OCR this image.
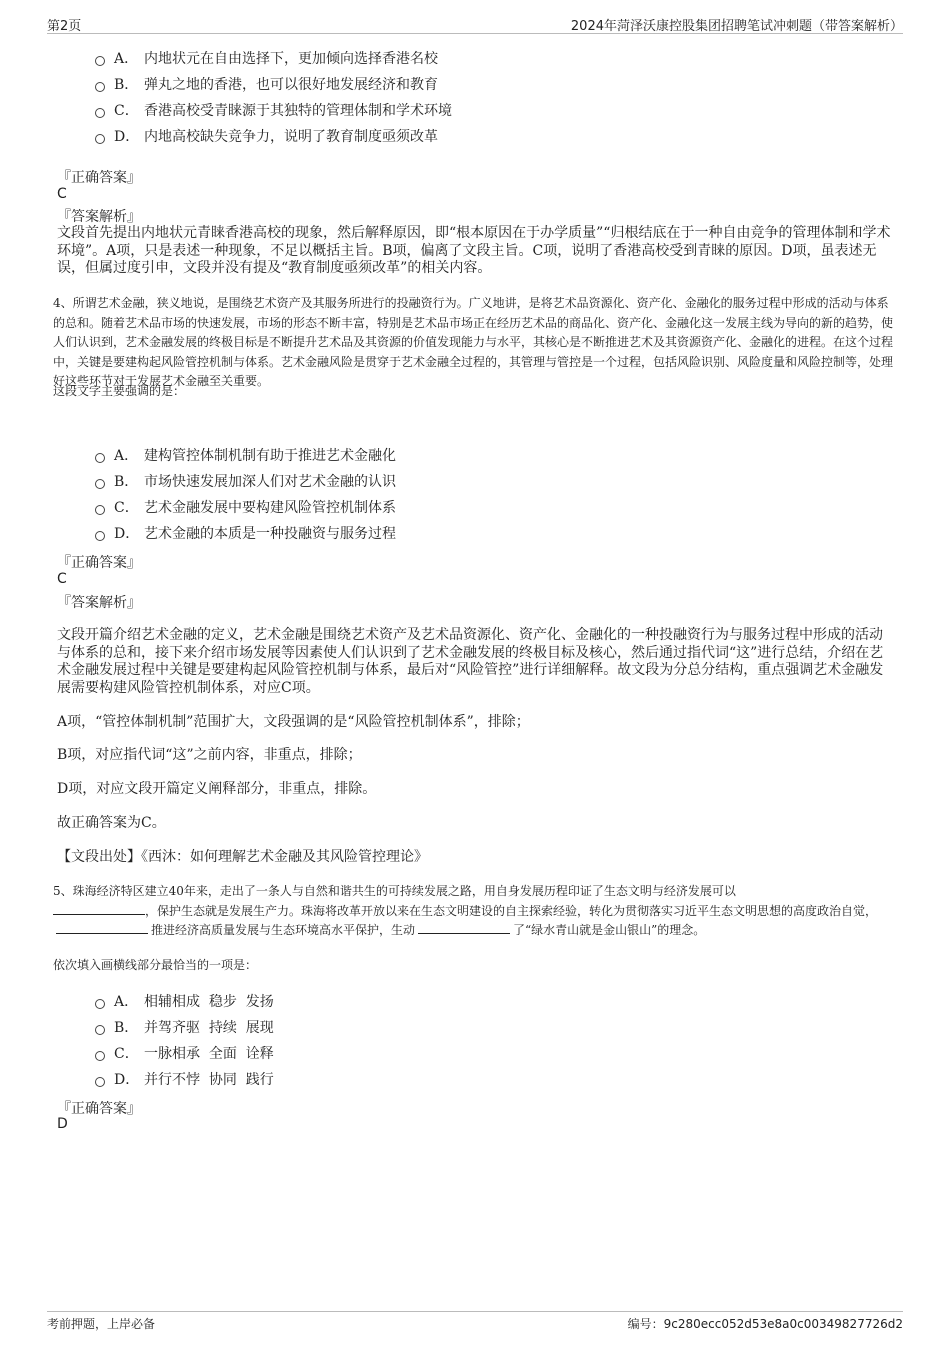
第2页	2024年菏泽沃康控股集团招聘笔试冲刺题（带答案解析）
A． 内地状元在自由选择下，更加倾向选择香港名校
B． 弹丸之地的香港，也可以很好地发展经济和教育
C． 香港高校受青睐源于其独特的管理体制和学术环境
D． 内地高校缺失竞争力，说明了教育制度亟须改革
『正确答案』
C
『答案解析』

文段首先提出内地状元青睐香港高校的现象，然后解释原因，即“根本原因在于办学质量”“归根结底在于一种自由竞争的管理体制和学术环境”。A项，只是表述一种现象，不足以概括主旨。B项，偏离了文段主旨。C项，说明了香港高校受到青睐的原因。D项，虽表述无误，但属过度引申，文段并没有提及“教育制度亟须改革”的相关内容。

4、所谓艺术金融，狭义地说，是围绕艺术资产及其服务所进行的投融资行为。广义地讲，是将艺术品资源化、资产化、金融化的服务过程中形成的活动与体系的总和。随着艺术品市场的快速发展，市场的形态不断丰富，特别是艺术品市场正在经历艺术品的商品化、资产化、金融化这一发展主线为导向的新的趋势，使人们认识到，艺术金融发展的终极目标是不断提升艺术品及其资源的价值发现能力与水平，其核心是不断推进艺术及其资源资产化、金融化的进程。在这个过程中，关键是要建构起风险管控机制与体系。艺术金融风险是贯穿于艺术金融全过程的，其管理与管控是一个过程，包括风险识别、风险度量和风险控制等，处理好这些环节对于发展艺术金融至关重要。

这段文字主要强调的是：

A． 建构管控体制机制有助于推进艺术金融化
B． 市场快速发展加深人们对艺术金融的认识
C． 艺术金融发展中要构建风险管控机制体系
D． 艺术金融的本质是一种投融资与服务过程
『正确答案』
C
『答案解析』

文段开篇介绍艺术金融的定义，艺术金融是围绕艺术资产及艺术品资源化、资产化、金融化的一种投融资行为与服务过程中形成的活动与体系的总和，接下来介绍市场发展等因素使人们认识到了艺术金融发展的终极目标及核心，然后通过指代词“这”进行总结，介绍在艺术金融发展过程中关键是要建构起风险管控机制与体系，最后对“风险管控”进行详细解释。故文段为分总分结构，重点强调艺术金融发展需要构建风险管控机制体系，对应C项。

A项，“管控体制机制”范围扩大，文段强调的是“风险管控机制体系”，排除；

B项，对应指代词“这”之前内容，非重点，排除；

D项，对应文段开篇定义阐释部分，非重点，排除。

故正确答案为C。

【文段出处】《西沐：如何理解艺术金融及其风险管控理论》

5、珠海经济特区建立40年来，走出了一条人与自然和谐共生的可持续发展之路，用自身发展历程印证了生态文明与经济发展可以
，保护生态就是发展生产力。珠海将改革开放以来在生态文明建设的自主探索经验，转化为贯彻落实习近平生态文明思想的高度政治自觉，推进经济高质量发展与生态环境高水平保护，生动	了“绿水青山就是金山银山”的理念。

依次填入画横线部分最恰当的一项是：

A． 相辅相成  稳步  发扬
B． 并驾齐驱  持续  展现
C． 一脉相承  全面  诠释
D． 并行不悖  协同  践行
『正确答案』
D
考前押题，上岸必备	编号：9c280ecc052d53e8a0c00349827726d2
